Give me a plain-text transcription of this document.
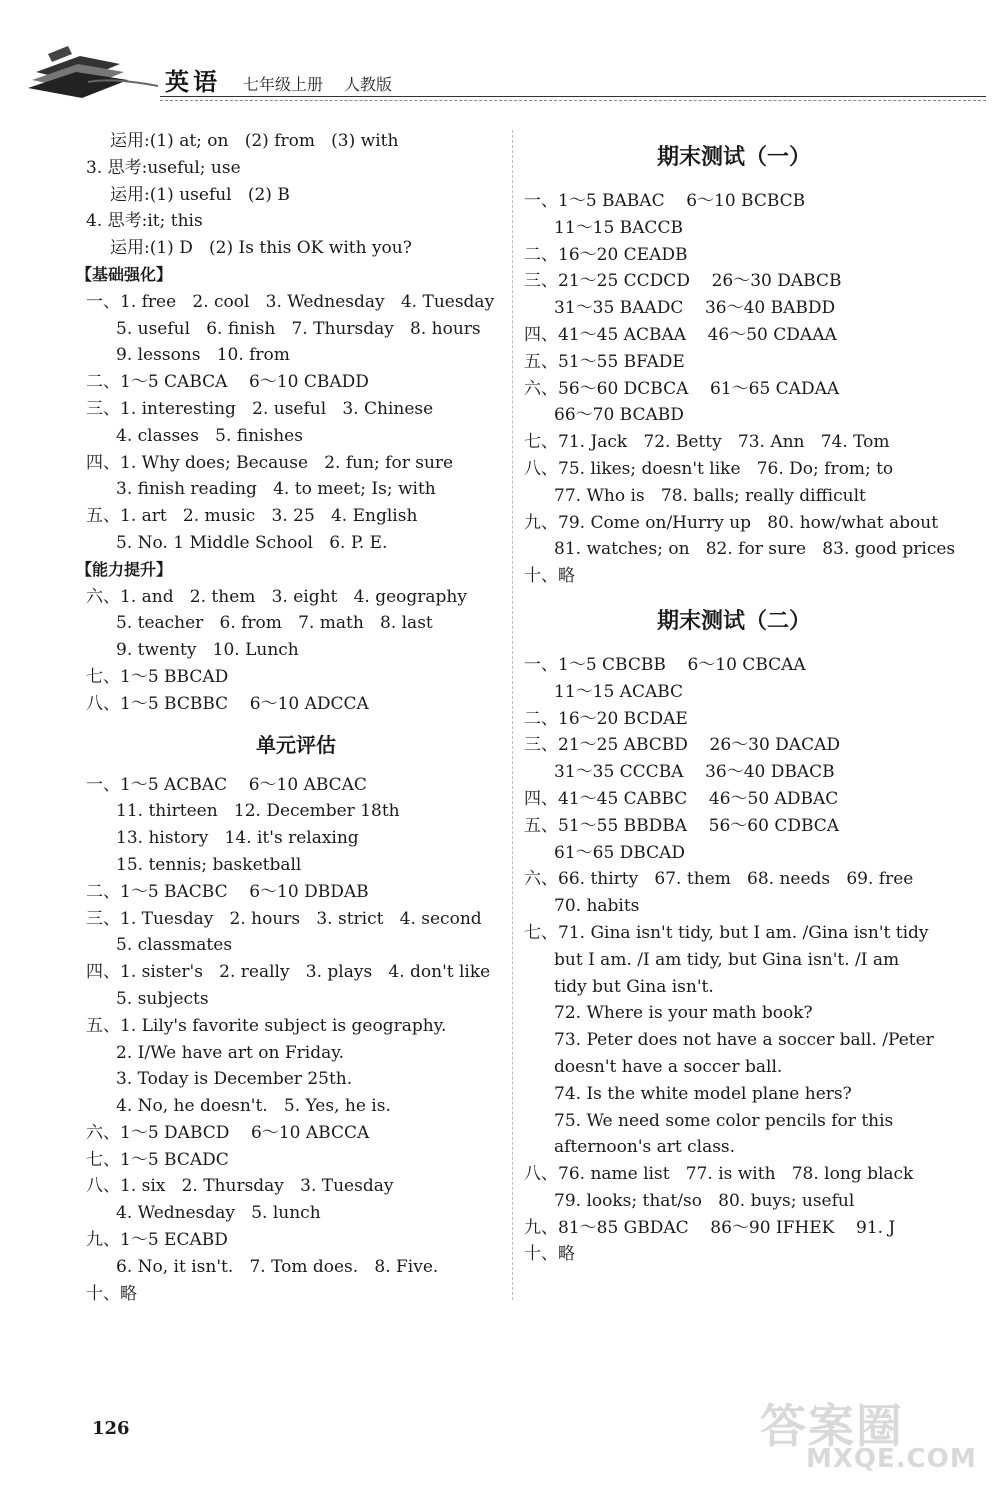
英语 七年级上册 人教版
运用:(1) at; on   (2) from   (3) with
3. 思考:useful; use
运用:(1) useful   (2) B
4. 思考:it; this
运用:(1) D   (2) Is this OK with you?
【基础强化】
一、1. free   2. cool   3. Wednesday   4. Tuesday
5. useful   6. finish   7. Thursday   8. hours
9. lessons   10. from
二、1～5 CABCA    6～10 CBADD
三、1. interesting   2. useful   3. Chinese
4. classes   5. finishes
四、1. Why does; Because   2. fun; for sure
3. finish reading   4. to meet; Is; with
五、1. art   2. music   3. 25   4. English
5. No. 1 Middle School   6. P. E.
【能力提升】
六、1. and   2. them   3. eight   4. geography
5. teacher   6. from   7. math   8. last
9. twenty   10. Lunch
七、1～5 BBCAD
八、1～5 BCBBC    6～10 ADCCA
单元评估
一、1～5 ACBAC    6～10 ABCAC
11. thirteen   12. December 18th
13. history   14. it's relaxing
15. tennis; basketball
二、1～5 BACBC    6～10 DBDAB
三、1. Tuesday   2. hours   3. strict   4. second
5. classmates
四、1. sister's   2. really   3. plays   4. don't like
5. subjects
五、1. Lily's favorite subject is geography.
2. I/We have art on Friday.
3. Today is December 25th.
4. No, he doesn't.   5. Yes, he is.
六、1～5 DABCD    6～10 ABCCA
七、1～5 BCADC
八、1. six   2. Thursday   3. Tuesday
4. Wednesday   5. lunch
九、1～5 ECABD
6. No, it isn't.   7. Tom does.   8. Five.
十、略
期末测试（一）
一、1～5 BABAC    6～10 BCBCB
11～15 BACCB
二、16～20 CEADB
三、21～25 CCDCD    26～30 DABCB
31～35 BAADC    36～40 BABDD
四、41～45 ACBAA    46～50 CDAAA
五、51～55 BFADE
六、56～60 DCBCA    61～65 CADAA
66～70 BCABD
七、71. Jack   72. Betty   73. Ann   74. Tom
八、75. likes; doesn't like   76. Do; from; to
77. Who is   78. balls; really difficult
九、79. Come on/Hurry up   80. how/what about
81. watches; on   82. for sure   83. good prices
十、略
期末测试（二）
一、1～5 CBCBB    6～10 CBCAA
11～15 ACABC
二、16～20 BCDAE
三、21～25 ABCBD    26～30 DACAD
31～35 CCCBA    36～40 DBACB
四、41～45 CABBC    46～50 ADBAC
五、51～55 BBDBA    56～60 CDBCA
61～65 DBCAD
六、66. thirty   67. them   68. needs   69. free
70. habits
七、71. Gina isn't tidy, but I am. /Gina isn't tidy
but I am. /I am tidy, but Gina isn't. /I am
tidy but Gina isn't.
72. Where is your math book?
73. Peter does not have a soccer ball. /Peter
doesn't have a soccer ball.
74. Is the white model plane hers?
75. We need some color pencils for this
afternoon's art class.
八、76. name list   77. is with   78. long black
79. looks; that/so   80. buys; useful
九、81～85 GBDAC    86～90 IFHEK    91. J
十、略
126	答案圈
MXQE.COM
